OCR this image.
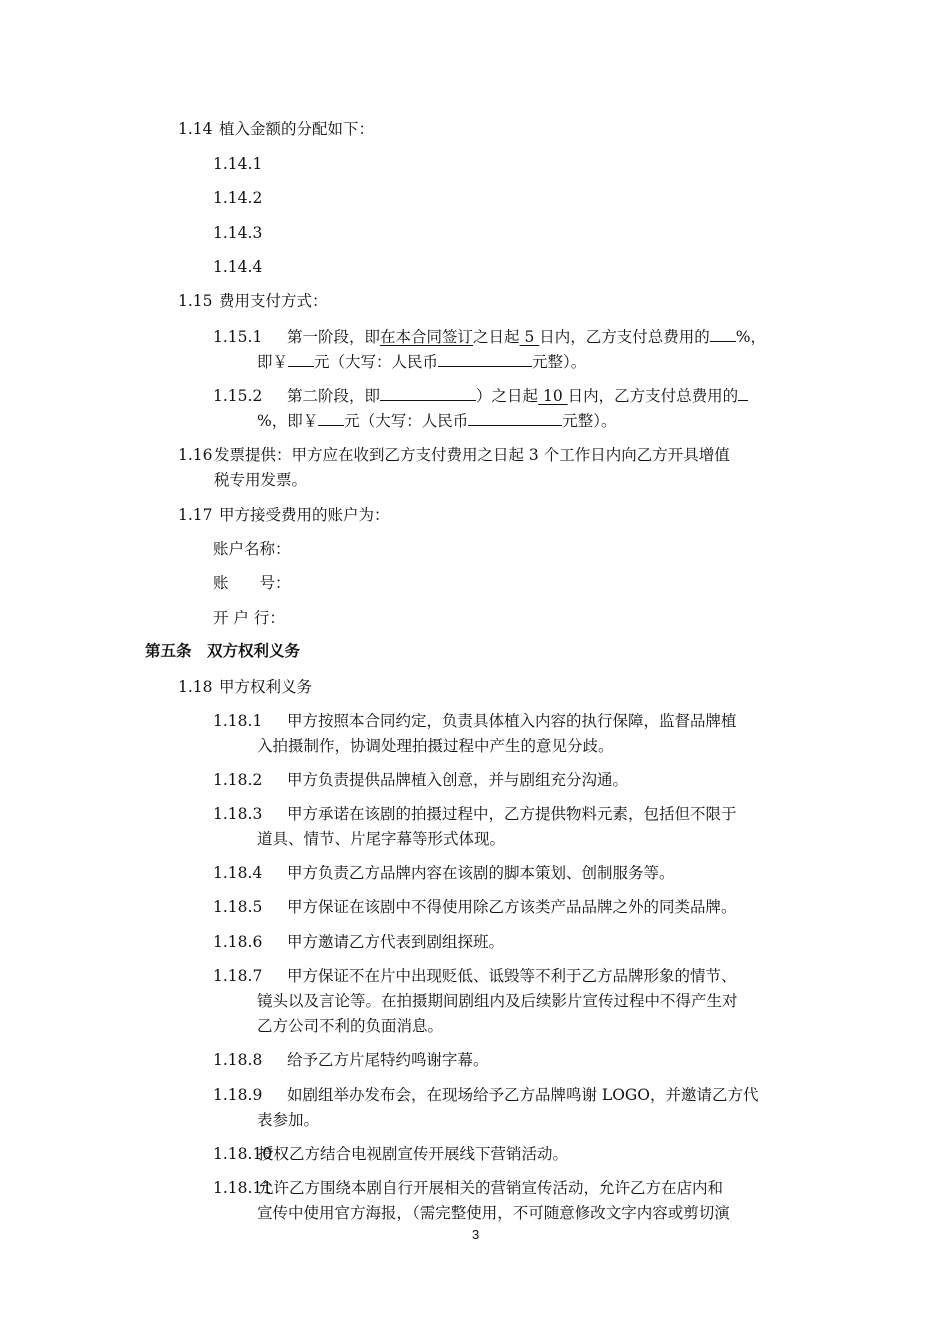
1.14 植入金额的分配如下：
1.14.1
1.14.2
1.14.3
1.14.4
1.15 费用支付方式：
1.15.1 第一阶段，即在本合同签订之日起 5 日内，乙方支付总费用的 %，
即￥ 元（大写：人民币	元整）。
1.15.2 第二阶段，即	）之日起 10 日内，乙方支付总费用的
%，即￥ 元（大写：人民币	元整）。
1.16发票提供：甲方应在收到乙方支付费用之日起 3 个工作日内向乙方开具增值
税专用发票。
1.17 甲方接受费用的账户为：
账户名称：
账　　号：
开 户 行：
第五条　双方权利义务
1.18 甲方权利义务
1.18.1 甲方按照本合同约定，负责具体植入内容的执行保障，监督品牌植
入拍摄制作，协调处理拍摄过程中产生的意见分歧。
1.18.2 甲方负责提供品牌植入创意，并与剧组充分沟通。
1.18.3 甲方承诺在该剧的拍摄过程中，乙方提供物料元素，包括但不限于
道具、情节、片尾字幕等形式体现。
1.18.4 甲方负责乙方品牌内容在该剧的脚本策划、创制服务等。
1.18.5 甲方保证在该剧中不得使用除乙方该类产品品牌之外的同类品牌。
1.18.6 甲方邀请乙方代表到剧组探班。
1.18.7 甲方保证不在片中出现贬低、诋毁等不利于乙方品牌形象的情节、
镜头以及言论等。在拍摄期间剧组内及后续影片宣传过程中不得产生对
乙方公司不利的负面消息。
1.18.8 给予乙方片尾特约鸣谢字幕。
1.18.9 如剧组举办发布会，在现场给予乙方品牌鸣谢 LOGO，并邀请乙方代
表参加。
1.18.10授权乙方结合电视剧宣传开展线下营销活动。
1.18.11允许乙方围绕本剧自行开展相关的营销宣传活动，允许乙方在店内和
宣传中使用官方海报，（需完整使用，不可随意修改文字内容或剪切演
3
